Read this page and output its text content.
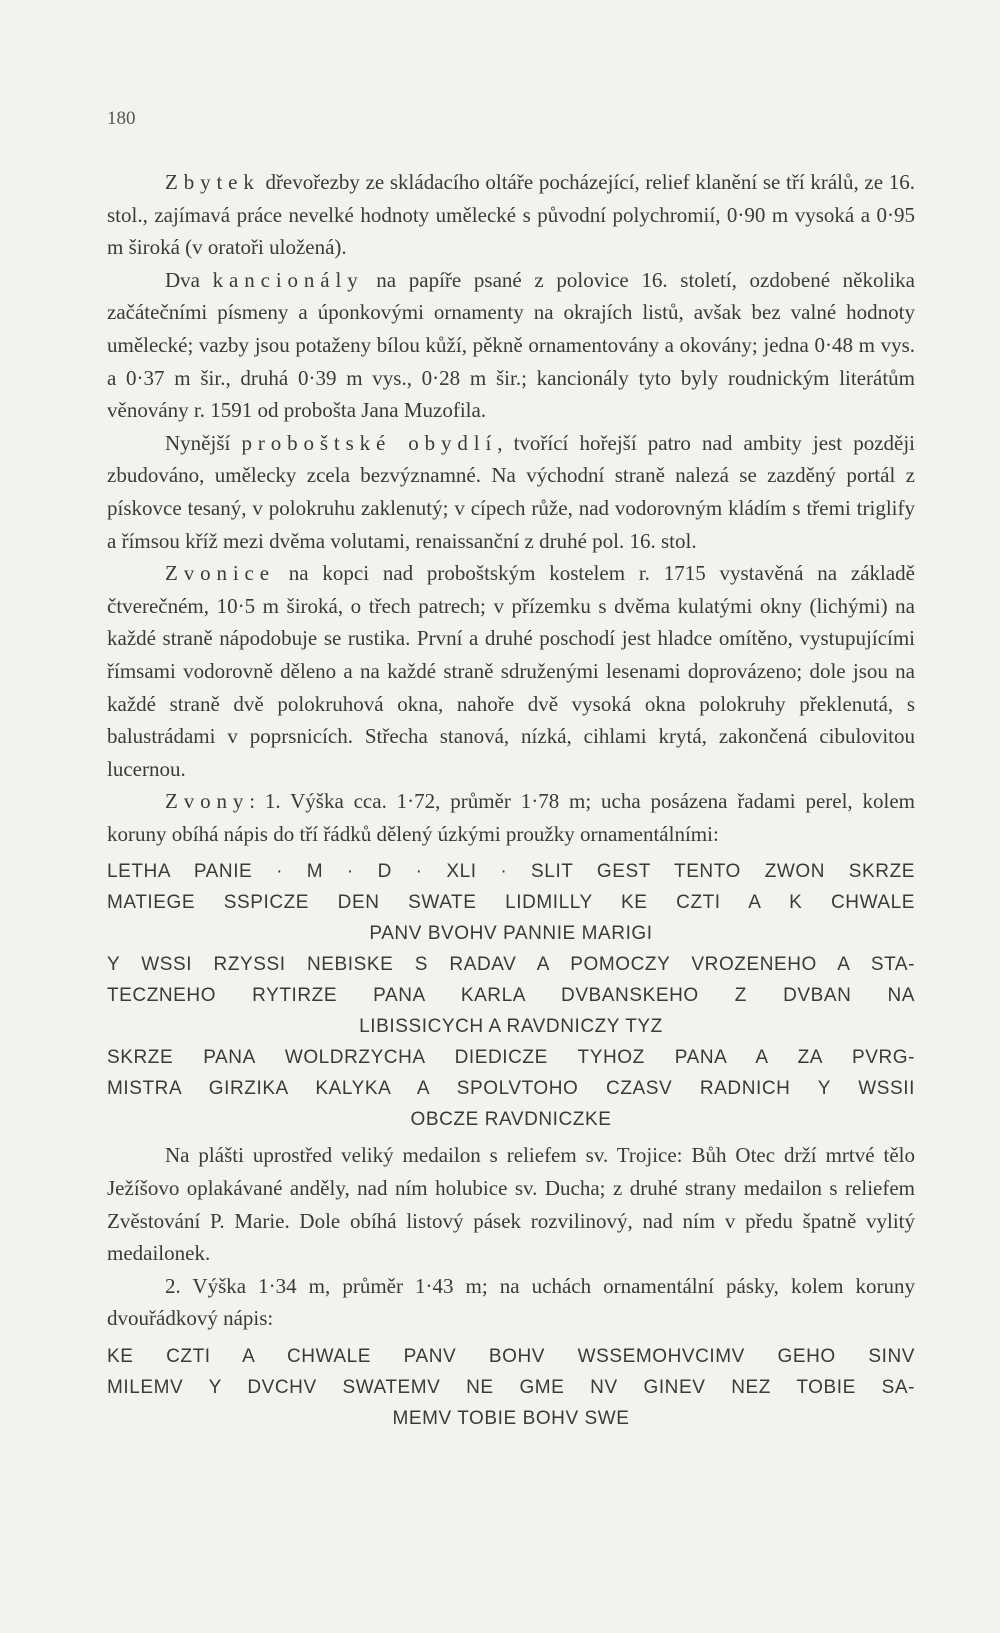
180

Zbytek dřevořezby ze skládacího oltáře pocházející, relief klanění se tří králů, ze 16. stol., zajímavá práce nevelké hodnoty umělecké s původní polychromií, 0·90 m vysoká a 0·95 m široká (v oratoři uložená).

Dva kancionály na papíře psané z polovice 16. století, ozdobené několika začátečními písmeny a úponkovými ornamenty na okrajích listů, avšak bez valné hodnoty umělecké; vazby jsou potaženy bílou kůží, pěkně ornamentovány a okovány; jedna 0·48 m vys. a 0·37 m šir., druhá 0·39 m vys., 0·28 m šir.; kancionály tyto byly roudnickým literátům věnovány r. 1591 od probošta Jana Muzofila.

Nynější proboštské obydlí, tvořící hořejší patro nad ambity jest později zbudováno, umělecky zcela bezvýznamné. Na východní straně nalezá se zazděný portál z pískovce tesaný, v polokruhu zaklenutý; v cípech růže, nad vodorovným kládím s třemi triglify a římsou kříž mezi dvěma volutami, renaissanční z druhé pol. 16. stol.

Zvonice na kopci nad proboštským kostelem r. 1715 vystavěná na základě čtverečném, 10·5 m široká, o třech patrech; v přízemku s dvěma kulatými okny (lichými) na každé straně nápodobuje se rustika. První a druhé poschodí jest hladce omítěno, vystupujícími římsami vodorovně děleno a na každé straně sdruženými lesenami doprovázeno; dole jsou na každé straně dvě polokruhová okna, nahoře dvě vysoká okna polokruhy překlenutá, s balustrádami v poprsnicích. Střecha stanová, nízká, cihlami krytá, zakončená cibulovitou lucernou.

Zvony: 1. Výška cca. 1·72, průměr 1·78 m; ucha posázena řadami perel, kolem koruny obíhá nápis do tří řádků dělený úzkými proužky ornamentálními:

LETHA PANIE · M · D · XLI · SLIT GEST TENTO ZWON SKRZE
MATIEGE SSPICZE DEN SWATE LIDMILLY KE CZTI A K CHWALE
PANV BVOHV PANNIE MARIGI
Y WSSI RZYSSI NEBISKE S RADAV A POMOCZY VROZENEHO A STA-
TECZNEHO RYTIRZE PANA KARLA DVBANSKEHO Z DVBAN NA
LIBISSICYCH A RAVDNICZY TYZ
SKRZE PANA WOLDRZYCHA DIEDICZE TYHOZ PANA A ZA PVRG-
MISTRA GIRZIKA KALYKA A SPOLVTOHO CZASV RADNICH Y WSSII
OBCZE RAVDNICZKE

Na plášti uprostřed veliký medailon s reliefem sv. Trojice: Bůh Otec drží mrtvé tělo Ježíšovo oplakávané anděly, nad ním holubice sv. Ducha; z druhé strany medailon s reliefem Zvěstování P. Marie. Dole obíhá listový pásek rozvilinový, nad ním v předu špatně vylitý medailonek.

2. Výška 1·34 m, průměr 1·43 m; na uchách ornamentální pásky, kolem koruny dvouřádkový nápis:

KE CZTI A CHWALE PANV BOHV WSSEMOHVCIMV GEHO SINV
MILEMV Y DVCHV SWATEMV NE GME NV GINEV NEZ TOBIE SA-
MEMV TOBIE BOHV SWE
